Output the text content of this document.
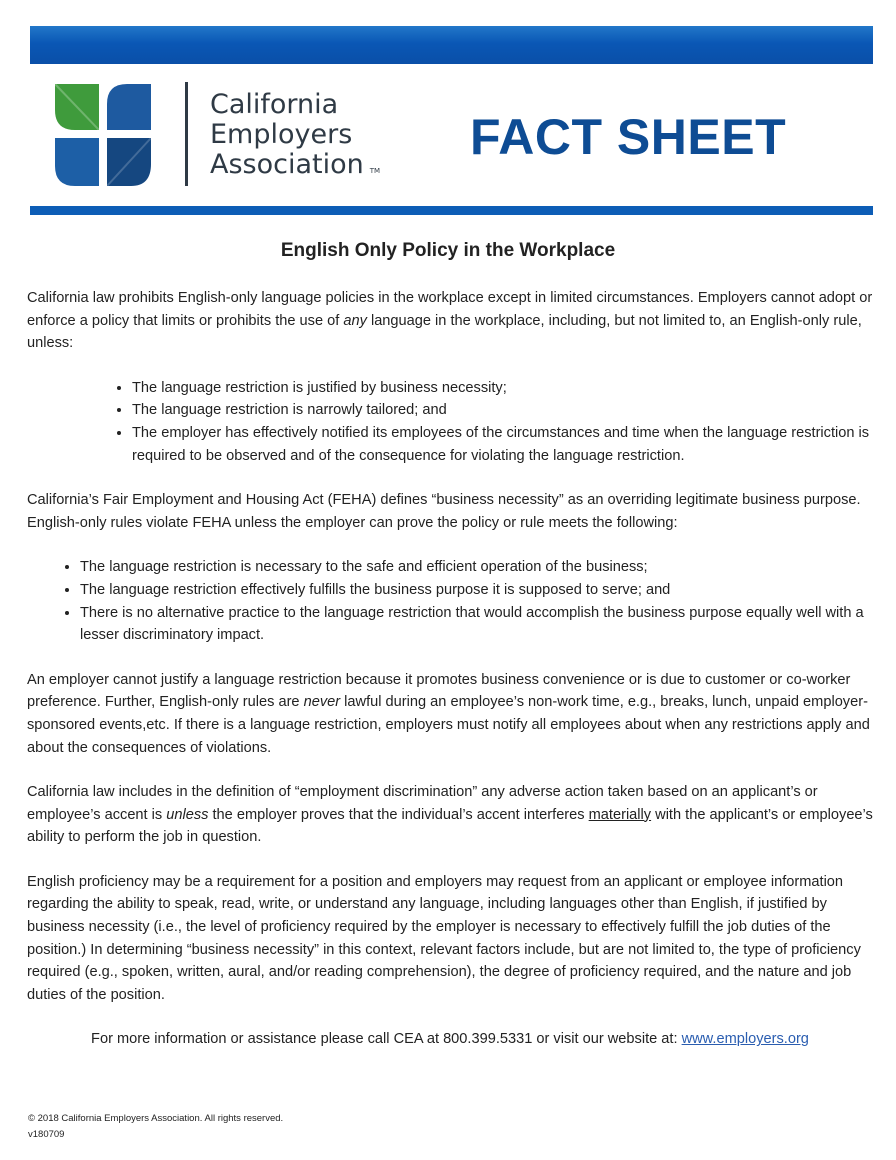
California
Employers
Association TM
FACT SHEET
English Only Policy in the Workplace

California law prohibits English-only language policies in the workplace except in limited circumstances. Employers cannot adopt or enforce a policy that limits or prohibits the use of any language in the workplace, including, but not limited to, an English-only rule, unless:

• The language restriction is justified by business necessity;
• The language restriction is narrowly tailored; and
• The employer has effectively notified its employees of the circumstances and time when the language restriction is required to be observed and of the consequence for violating the language restriction.

California’s Fair Employment and Housing Act (FEHA) defines “business necessity” as an overriding legitimate business purpose. English-only rules violate FEHA unless the employer can prove the policy or rule meets the following:

• The language restriction is necessary to the safe and efficient operation of the business;
• The language restriction effectively fulfills the business purpose it is supposed to serve; and
• There is no alternative practice to the language restriction that would accomplish the business purpose equally well with a lesser discriminatory impact.

An employer cannot justify a language restriction because it promotes business convenience or is due to customer or co-worker preference. Further, English-only rules are never lawful during an employee’s non-work time, e.g., breaks, lunch, unpaid employer-sponsored events,etc. If there is a language restriction, employers must notify all employees about when any restrictions apply and about the consequences of violations.

California law includes in the definition of “employment discrimination” any adverse action taken based on an applicant’s or employee’s accent is unless the employer proves that the individual’s accent interferes materially with the applicant’s or employee’s ability to perform the job in question.

English proficiency may be a requirement for a position and employers may request from an applicant or employee information regarding the ability to speak, read, write, or understand any language, including languages other than English, if justified by business necessity (i.e., the level of proficiency required by the employer is necessary to effectively fulfill the job duties of the position.) In determining “business necessity” in this context, relevant factors include, but are not limited to, the type of proficiency required (e.g., spoken, written, aural, and/or reading comprehension), the degree of proficiency required, and the nature and job duties of the position.

For more information or assistance please call CEA at 800.399.5331 or visit our website at: www.employers.org

© 2018 California Employers Association. All rights reserved.
v180709
